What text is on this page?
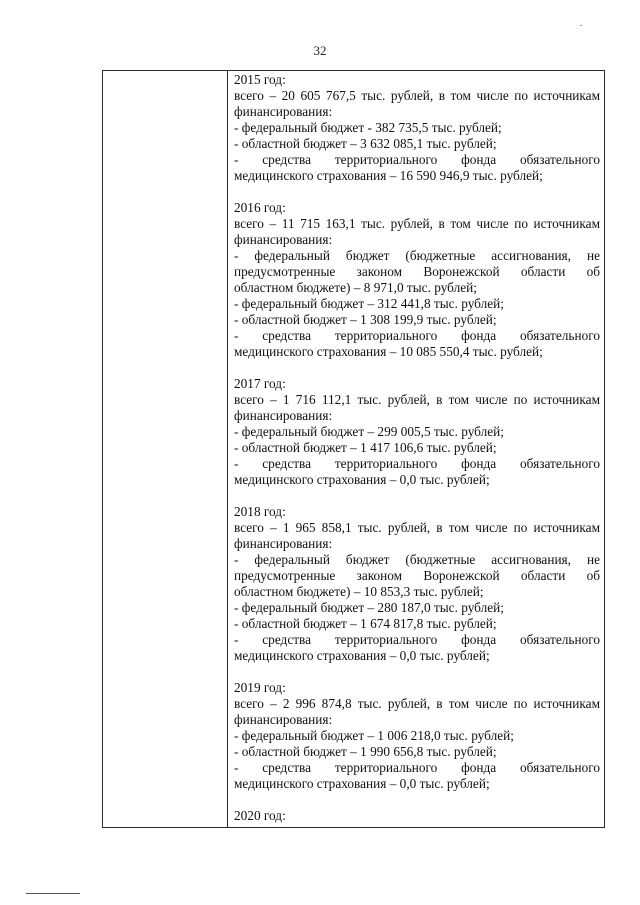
32
2015 год:
всего – 20 605 767,5 тыс. рублей, в том числе по источникам
финансирования:
- федеральный бюджет - 382 735,5 тыс. рублей;
- областной бюджет – 3 632 085,1 тыс. рублей;
- средства территориального фонда обязательного
медицинского страхования – 16 590 946,9 тыс. рублей;
2016 год:
всего – 11 715 163,1 тыс. рублей, в том числе по источникам
финансирования:
- федеральный бюджет (бюджетные ассигнования, не
предусмотренные законом Воронежской области об
областном бюджете) – 8 971,0 тыс. рублей;
- федеральный бюджет – 312 441,8 тыс. рублей;
- областной бюджет – 1 308 199,9 тыс. рублей;
- средства территориального фонда обязательного
медицинского страхования – 10 085 550,4 тыс. рублей;
2017 год:
всего – 1 716 112,1 тыс. рублей, в том числе по источникам
финансирования:
- федеральный бюджет – 299 005,5 тыс. рублей;
- областной бюджет – 1 417 106,6 тыс. рублей;
- средства территориального фонда обязательного
медицинского страхования – 0,0 тыс. рублей;
2018 год:
всего – 1 965 858,1 тыс. рублей, в том числе по источникам
финансирования:
- федеральный бюджет (бюджетные ассигнования, не
предусмотренные законом Воронежской области об
областном бюджете) – 10 853,3 тыс. рублей;
- федеральный бюджет – 280 187,0 тыс. рублей;
- областной бюджет – 1 674 817,8 тыс. рублей;
- средства территориального фонда обязательного
медицинского страхования – 0,0 тыс. рублей;
2019 год:
всего – 2 996 874,8 тыс. рублей, в том числе по источникам
финансирования:
- федеральный бюджет – 1 006 218,0 тыс. рублей;
- областной бюджет – 1 990 656,8 тыс. рублей;
- средства территориального фонда обязательного
медицинского страхования – 0,0 тыс. рублей;
2020 год:
